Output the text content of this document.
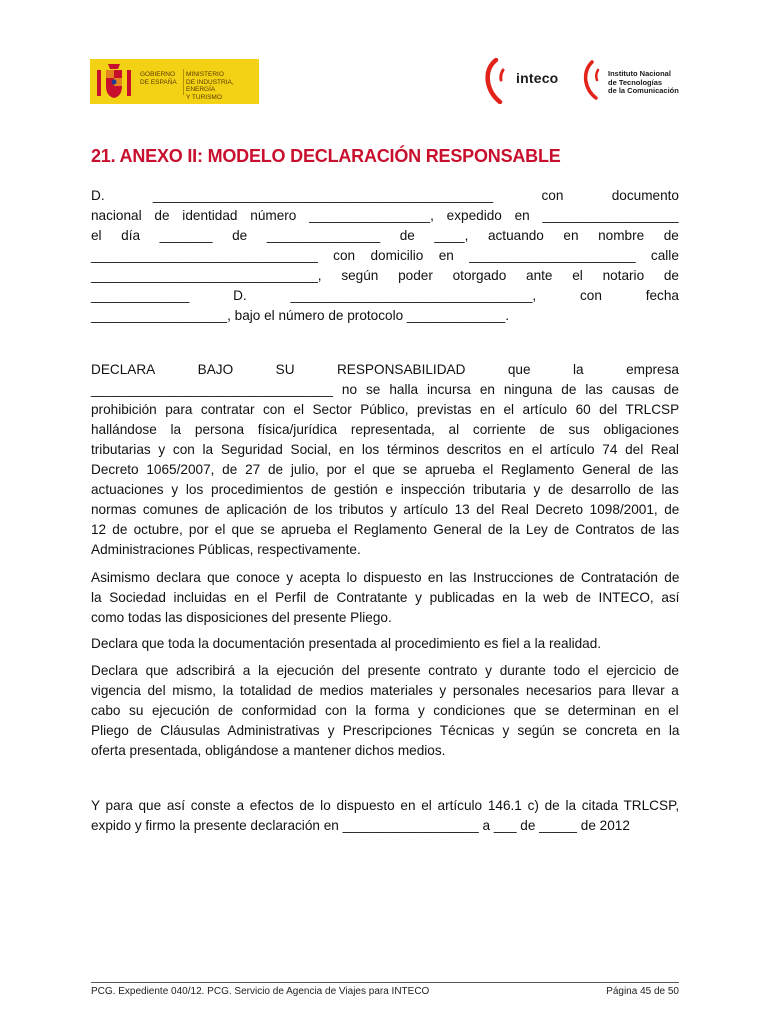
GOBIERNO
DE ESPAÑA
MINISTERIO
DE INDUSTRIA, ENERGÍA
Y TURISMO
inteco	Instituto Nacional
de Tecnologías
de la Comunicación
21. ANEXO II: MODELO DECLARACIÓN RESPONSABLE
D.	_____________________________________________	con	documento
nacional de identidad número ________________, expedido en __________________
el día _______ de _______________ de ____, actuando en nombre de
______________________________ con domicilio en ______________________ calle
______________________________, según poder otorgado ante el notario de
_____________	D.	________________________________,	con	fecha
__________________, bajo el número de protocolo _____________.
DECLARA	BAJO	SU	RESPONSABILIDAD	que	la	empresa
________________________________ no se halla incursa en ninguna de las causas de
prohibición para contratar con el Sector Público, previstas en el artículo 60 del TRLCSP
hallándose la persona física/jurídica representada, al corriente de sus obligaciones
tributarias y con la Seguridad Social, en los términos descritos en el artículo 74 del Real
Decreto 1065/2007, de 27 de julio, por el que se aprueba el Reglamento General de las
actuaciones y los procedimientos de gestión e inspección tributaria y de desarrollo de las
normas comunes de aplicación de los tributos y artículo 13 del Real Decreto 1098/2001, de
12 de octubre, por el que se aprueba el Reglamento General de la Ley de Contratos de las
Administraciones Públicas, respectivamente.
Asimismo declara que conoce y acepta lo dispuesto en las Instrucciones de Contratación de
la Sociedad incluidas en el Perfil de Contratante y publicadas en la web de INTECO, así
como todas las disposiciones del presente Pliego.
Declara que toda la documentación presentada al procedimiento es fiel a la realidad.
Declara que adscribirá a la ejecución del presente contrato y durante todo el ejercicio de
vigencia del mismo, la totalidad de medios materiales y personales necesarios para llevar a
cabo su ejecución de conformidad con la forma y condiciones que se determinan en el
Pliego de Cláusulas Administrativas y Prescripciones Técnicas y según se concreta en la
oferta presentada, obligándose a mantener dichos medios.
Y para que así conste a efectos de lo dispuesto en el artículo 146.1 c) de la citada TRLCSP,
expido y firmo la presente declaración en __________________ a ___ de _____ de 2012
PCG. Expediente 040/12. PCG. Servicio de Agencia de Viajes para INTECO	Página 45 de 50
